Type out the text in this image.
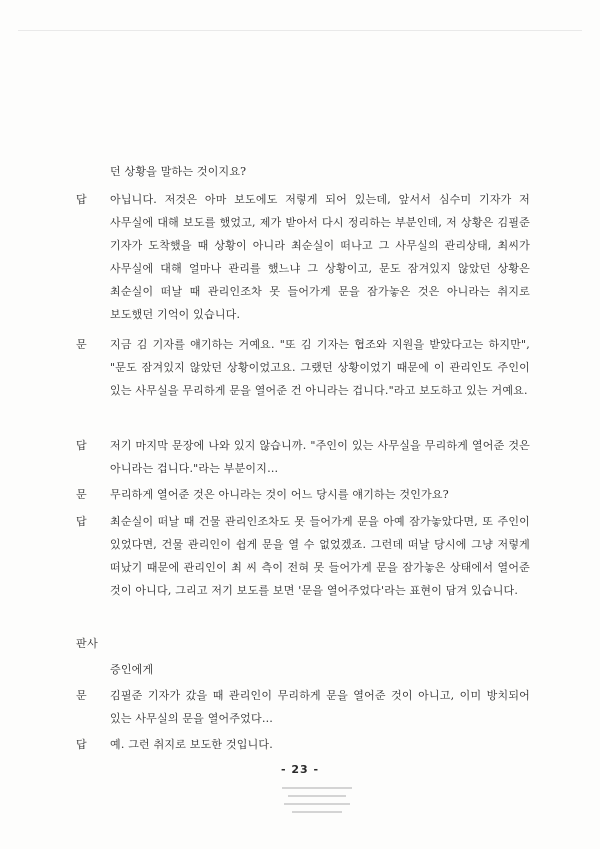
던 상황을 말하는 것이지요?
답 아닙니다. 저것은 아마 보도에도 저렇게 되어 있는데, 앞서서 심수미 기자가 저 사무실에 대해 보도를 했었고, 제가 받아서 다시 정리하는 부분인데, 저 상황은 김필준 기자가 도착했을 때 상황이 아니라 최순실이 떠나고 그 사무실의 관리상태, 최씨가 사무실에 대해 얼마나 관리를 했느냐 그 상황이고, 문도 잠겨있지 않았던 상황은 최순실이 떠날 때 관리인조차 못 들어가게 문을 잠가놓은 것은 아니라는 취지로 보도했던 기억이 있습니다.
문 지금 김 기자를 얘기하는 거예요. "또 김 기자는 협조와 지원을 받았다고는 하지만", "문도 잠겨있지 않았던 상황이었고요. 그랬던 상황이었기 때문에 이 관리인도 주인이 있는 사무실을 무리하게 문을 열어준 건 아니라는 겁니다."라고 보도하고 있는 거예요.
답 저기 마지막 문장에 나와 있지 않습니까. "주인이 있는 사무실을 무리하게 열어준 것은 아니라는 겁니다."라는 부분이지…
문 무리하게 열어준 것은 아니라는 것이 어느 당시를 얘기하는 것인가요?
답 최순실이 떠날 때 건물 관리인조차도 못 들어가게 문을 아예 잠가놓았다면, 또 주인이 있었다면, 건물 관리인이 쉽게 문을 열 수 없었겠죠. 그런데 떠날 당시에 그냥 저렇게 떠났기 때문에 관리인이 최 씨 측이 전혀 못 들어가게 문을 잠가놓은 상태에서 열어준 것이 아니다, 그리고 저기 보도를 보면 '문을 열어주었다'라는 표현이 담겨 있습니다.
판사
증인에게
문 김필준 기자가 갔을 때 관리인이 무리하게 문을 열어준 것이 아니고, 이미 방치되어 있는 사무실의 문을 열어주었다…
답 예. 그런 취지로 보도한 것입니다.
- 23 -
